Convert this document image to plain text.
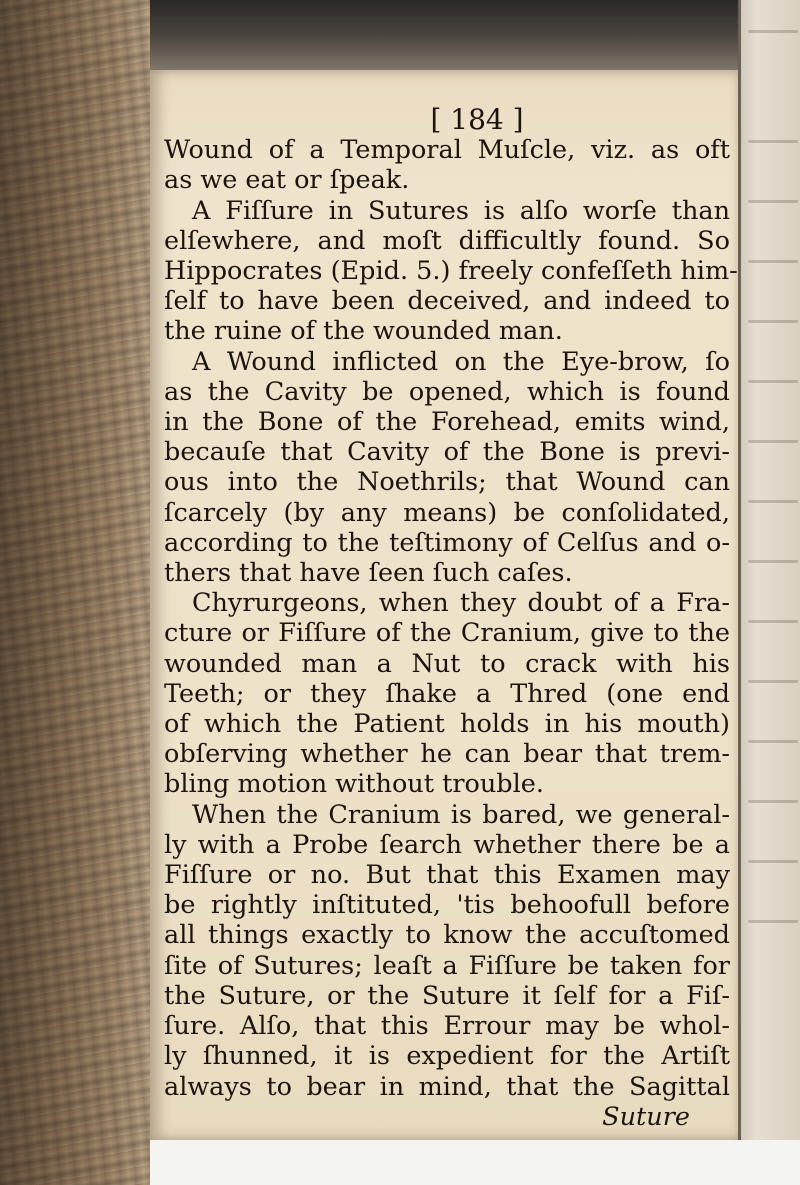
[ 184 ]
Wound of a Temporal Muſcle, viz. as oft
as we eat or ſpeak.
A Fiſſure in Sutures is alſo worſe than
elſewhere, and moſt difficultly found. So
Hippocrates (Epid. 5.) freely confeſſeth him-
ſelf to have been deceived, and indeed to
the ruine of the wounded man.
A Wound inflicted on the Eye-brow, ſo
as the Cavity be opened, which is found
in the Bone of the Forehead, emits wind,
becauſe that Cavity of the Bone is previ-
ous into the Noethrils; that Wound can
ſcarcely (by any means) be conſolidated,
according to the teſtimony of Celſus and o-
thers that have ſeen ſuch caſes.
Chyrurgeons, when they doubt of a Fra-
cture or Fiſſure of the Cranium, give to the
wounded man a Nut to crack with his
Teeth; or they ſhake a Thred (one end
of which the Patient holds in his mouth)
obſerving whether he can bear that trem-
bling motion without trouble.
When the Cranium is bared, we general-
ly with a Probe ſearch whether there be a
Fiſſure or no. But that this Examen may
be rightly inſtituted, 'tis behoofull before
all things exactly to know the accuſtomed
ſite of Sutures; leaſt a Fiſſure be taken for
the Suture, or the Suture it ſelf for a Fiſ-
ſure. Alſo, that this Errour may be whol-
ly ſhunned, it is expedient for the Artiſt
always to bear in mind, that the Sagittal
Suture
